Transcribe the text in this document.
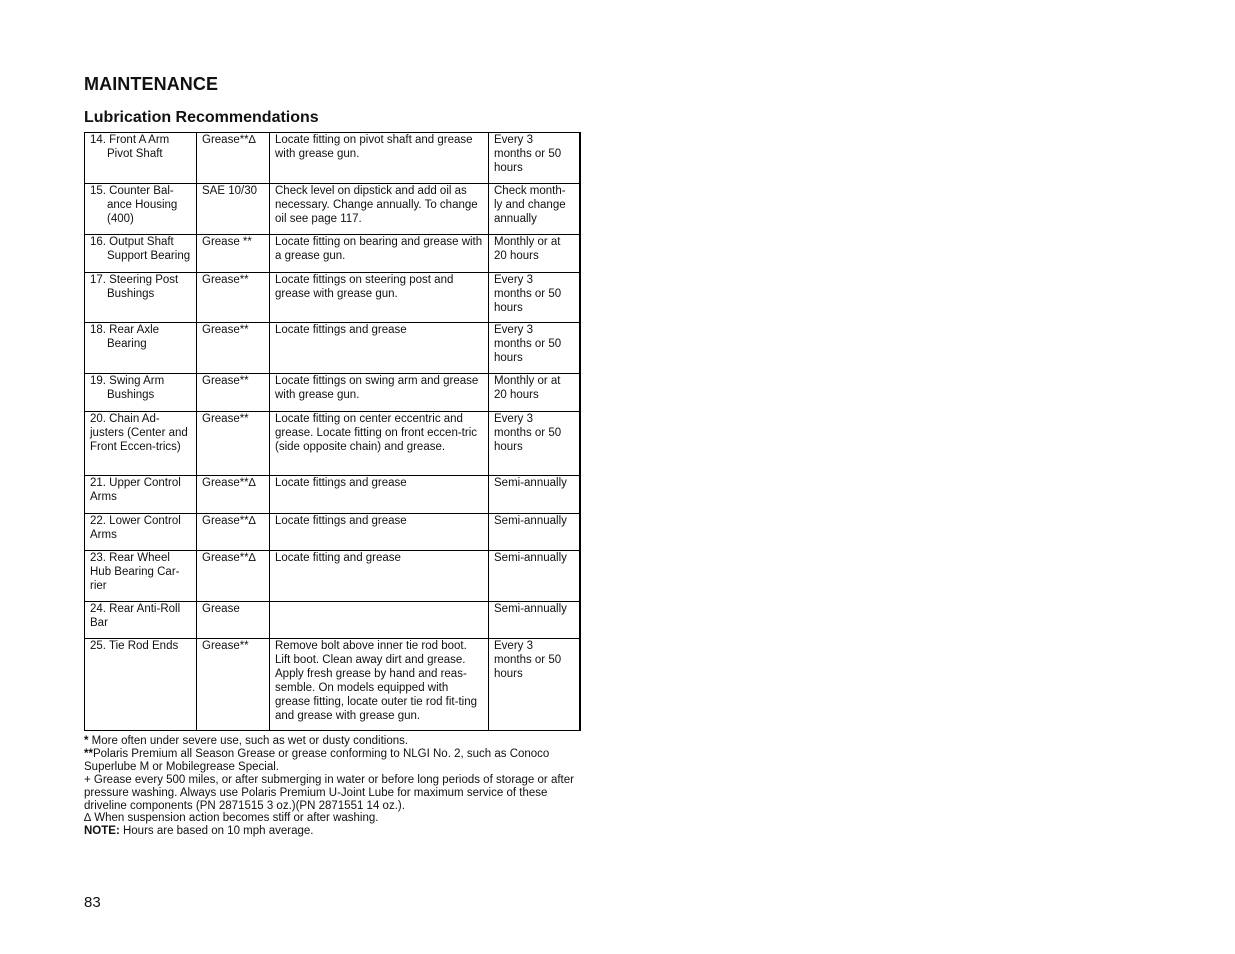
MAINTENANCE
Lubrication Recommendations
14. Front A Arm Pivot Shaft	Grease**∆	Locate fitting on pivot shaft and grease with grease gun.	Every 3 months or 50 hours

15. Counter Bal-ance Housing (400)	SAE 10/30	Check level on dipstick and add oil as necessary. Change annually. To change oil see page 117.	Check month-ly and change annually

16. Output Shaft Support Bearing	Grease **	Locate fitting on bearing and grease with a grease gun.	Monthly or at 20 hours

17. Steering Post Bushings	Grease**	Locate fittings on steering post and grease with grease gun.	Every 3 months or 50 hours

18. Rear Axle Bearing	Grease**	Locate fittings and grease	Every 3 months or 50 hours

19. Swing Arm Bushings	Grease**	Locate fittings on swing arm and grease with grease gun.	Monthly or at 20 hours
20. Chain Ad-justers (Center and Front Eccen-trics)	Grease**	Locate fitting on center eccentric and grease. Locate fitting on front eccen-tric (side opposite chain) and grease.	Every 3 months or 50 hours
21. Upper Control Arms	Grease**∆	Locate fittings and grease	Semi-annually
22. Lower Control Arms	Grease**∆	Locate fittings and grease	Semi-annually
23. Rear Wheel Hub Bearing Car-rier	Grease**∆	Locate fitting and grease	Semi-annually
24. Rear Anti-Roll Bar	Grease		Semi-annually
25. Tie Rod Ends	Grease**	Remove bolt above inner tie rod boot. Lift boot. Clean away dirt and grease. Apply fresh grease by hand and reas-semble. On models equipped with grease fitting, locate outer tie rod fit-ting and grease with grease gun.	Every 3 months or 50 hours

* More often under severe use, such as wet or dusty conditions.

**Polaris Premium all Season Grease or grease conforming to NLGI No. 2, such as Conoco Superlube M or Mobilegrease Special.

+ Grease every 500 miles, or after submerging in water or before long periods of storage or after pressure washing. Always use Polaris Premium U-Joint Lube for maximum service of these driveline components (PN 2871515 3 oz.)(PN 2871551 14 oz.).

∆ When suspension action becomes stiff or after washing.

NOTE: Hours are based on 10 mph average.

83
